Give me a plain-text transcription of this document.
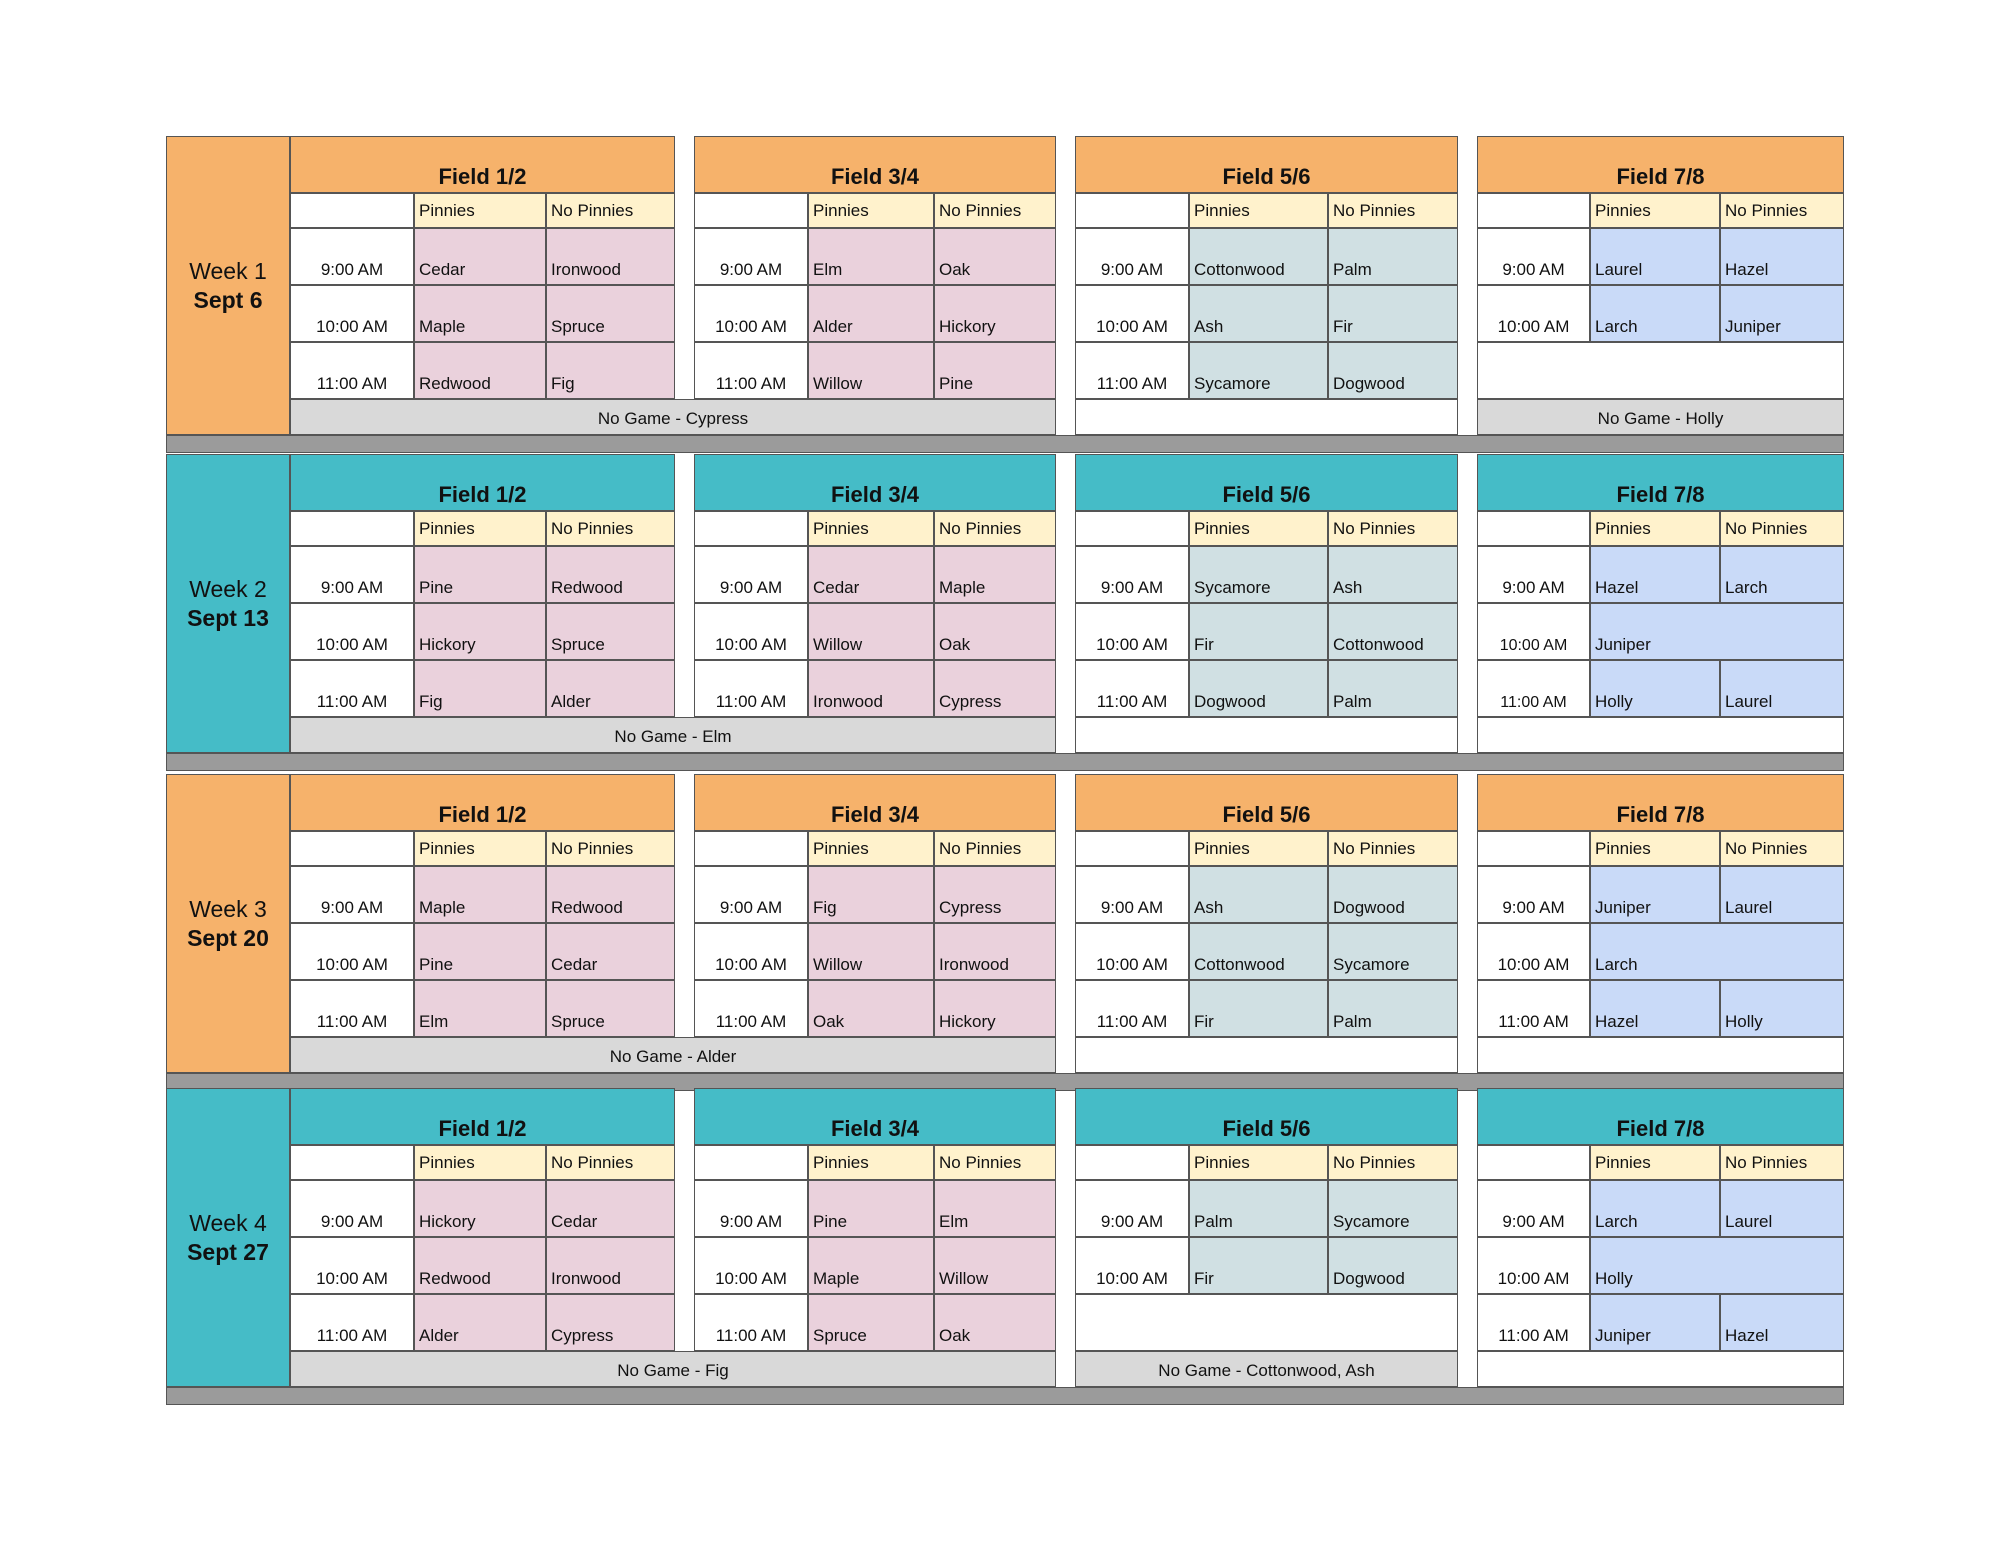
Week 1
Sept 6
Field 1/2
Pinnies	No Pinnies
9:00 AM Cedar	Ironwood
10:00 AM Maple	Spruce
11:00 AM Redwood	Fig
Field 3/4
Pinnies	No Pinnies
9:00 AM Elm	Oak
10:00 AM Alder	Hickory
11:00 AM Willow	Pine
Field 5/6
Pinnies	No Pinnies
9:00 AM Cottonwood	Palm
10:00 AM Ash	Fir
11:00 AM Sycamore	Dogwood
Field 7/8
Pinnies	No Pinnies
9:00 AM Laurel	Hazel
10:00 AM Larch	Juniper
No Game - Cypress	No Game - Holly
Week 2
Sept 13
Field 1/2
Pinnies	No Pinnies
9:00 AM Pine	Redwood
10:00 AM Hickory	Spruce
11:00 AM Fig	Alder
Field 3/4
Pinnies	No Pinnies
9:00 AM Cedar	Maple
10:00 AM Willow	Oak
11:00 AM Ironwood	Cypress
Field 5/6
Pinnies	No Pinnies
9:00 AM Sycamore	Ash
10:00 AM Fir	Cottonwood
11:00 AM Dogwood	Palm
Field 7/8
Pinnies	No Pinnies
9:00 AM Hazel	Larch
10:00 AM Juniper
11:00 AM Holly	Laurel
No Game - Elm
Week 3
Sept 20
Field 1/2
Pinnies	No Pinnies
9:00 AM Maple	Redwood
10:00 AM Pine	Cedar
11:00 AM Elm	Spruce
Field 3/4
Pinnies	No Pinnies
9:00 AM Fig	Cypress
10:00 AM Willow	Ironwood
11:00 AM Oak	Hickory
Field 5/6
Pinnies	No Pinnies
9:00 AM Ash	Dogwood
10:00 AM Cottonwood	Sycamore
11:00 AM Fir	Palm
Field 7/8
Pinnies	No Pinnies
9:00 AM Juniper	Laurel
10:00 AM Larch
11:00 AM Hazel	Holly
No Game - Alder
Week 4
Sept 27
Field 1/2
Pinnies	No Pinnies
9:00 AM Hickory	Cedar
10:00 AM Redwood	Ironwood
11:00 AM Alder	Cypress
Field 3/4
Pinnies	No Pinnies
9:00 AM Pine	Elm
10:00 AM Maple	Willow
11:00 AM Spruce	Oak
Field 5/6
Pinnies	No Pinnies
9:00 AM Palm	Sycamore
10:00 AM Fir	Dogwood
Field 7/8
Pinnies	No Pinnies
9:00 AM Larch	Laurel
10:00 AM Holly
11:00 AM Juniper	Hazel
No Game - Fig	No Game - Cottonwood, Ash
